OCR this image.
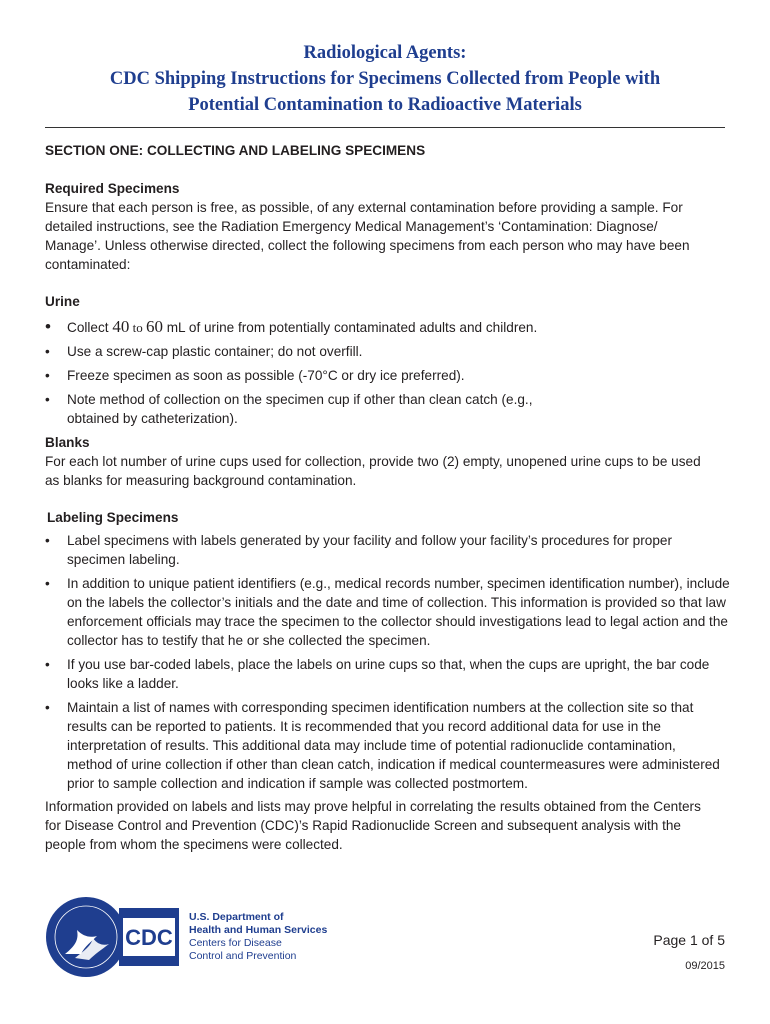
Radiological Agents:
CDC Shipping Instructions for Specimens Collected from People with
Potential Contamination to Radioactive Materials

SECTION ONE: COLLECTING AND LABELING SPECIMENS

Required Specimens

Ensure that each person is free, as possible, of any external contamination before providing a sample. For detailed instructions, see the Radiation Emergency Medical Management’s ‘Contamination: Diagnose/ Manage’. Unless otherwise directed, collect the following specimens from each person who may have been contaminated:

Urine

•	Collect 40 to 60 mL of urine from potentially contaminated adults and children.
•	Use a screw-cap plastic container; do not overfill.
•	Freeze specimen as soon as possible (-70°C or dry ice preferred).
•	Note method of collection on the specimen cup if other than clean catch (e.g., obtained by catheterization).

Blanks

For each lot number of urine cups used for collection, provide two (2) empty, unopened urine cups to be used as blanks for measuring background contamination.

Labeling Specimens

•	Label specimens with labels generated by your facility and follow your facility’s procedures for proper specimen labeling.
•	In addition to unique patient identifiers (e.g., medical records number, specimen identification number), include on the labels the collector’s initials and the date and time of collection. This information is provided so that law enforcement officials may trace the specimen to the collector should investigations lead to legal action and the collector has to testify that he or she collected the specimen.
•	If you use bar-coded labels, place the labels on urine cups so that, when the cups are upright, the bar code looks like a ladder.
•	Maintain a list of names with corresponding specimen identification numbers at the collection site so that results can be reported to patients. It is recommended that you record additional data for use in the interpretation of results. This additional data may include time of potential radionuclide contamination, method of urine collection if other than clean catch, indication if medical countermeasures were administered prior to sample collection and indication if sample was collected postmortem.

Information provided on labels and lists may prove helpful in correlating the results obtained from the Centers for Disease Control and Prevention (CDC)’s Rapid Radionuclide Screen and subsequent analysis with the people from whom the specimens were collected.

CDC
U.S. Department of
Health and Human Services
Centers for Disease
Control and Prevention
Page 1 of 5
09/2015
